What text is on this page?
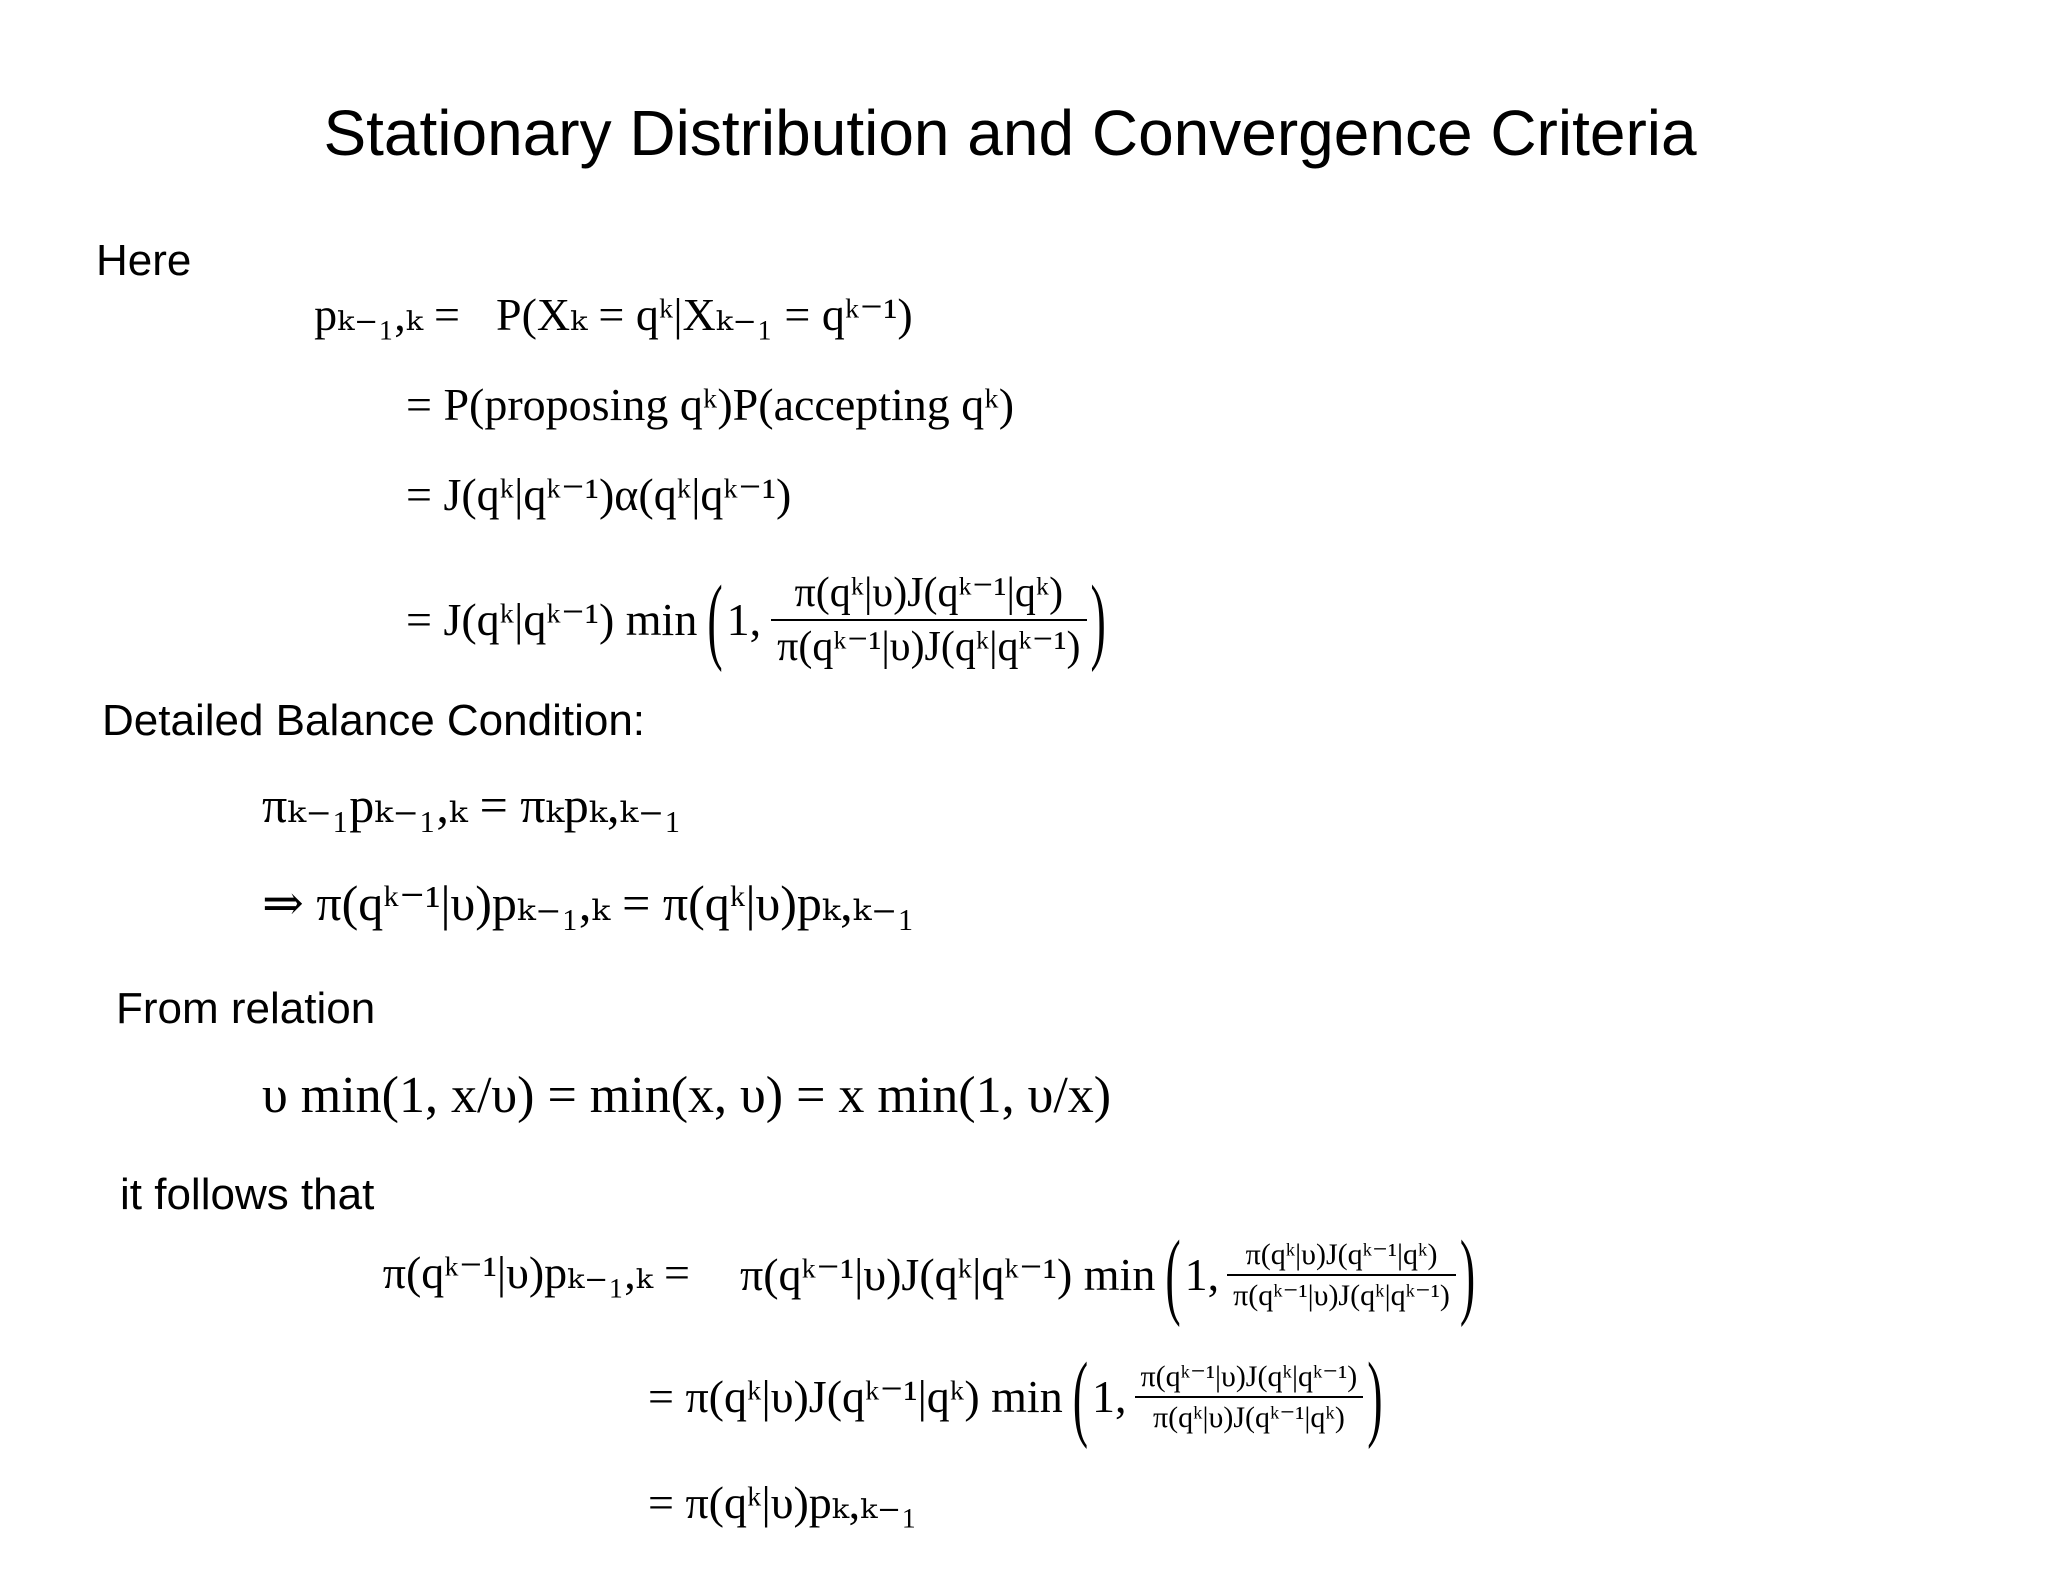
Stationary Distribution and Convergence Criteria
Here
pₖ₋₁,ₖ = P(Xₖ = qᵏ|Xₖ₋₁ = qᵏ⁻¹)
= P(proposing qᵏ)P(accepting qᵏ)
= J(qᵏ|qᵏ⁻¹)α(qᵏ|qᵏ⁻¹)
= J(qᵏ|qᵏ⁻¹) min ( 1, $\frac{\text{π(qᵏ|υ)J(qᵏ⁻¹|qᵏ)}}{\text{π(qᵏ⁻¹|υ)J(qᵏ|qᵏ⁻¹)}}$ )
Detailed Balance Condition:
πₖ₋₁pₖ₋₁,ₖ = πₖpₖ,ₖ₋₁
⇒ π(qᵏ⁻¹|υ)pₖ₋₁,ₖ = π(qᵏ|υ)pₖ,ₖ₋₁
From relation
υ min(1, x/υ) = min(x, υ) = x min(1, υ/x)
it follows that
π(qᵏ⁻¹|υ)pₖ₋₁,ₖ = π(qᵏ⁻¹|υ)J(qᵏ|qᵏ⁻¹) min ( 1, $\frac{\text{π(qᵏ|υ)J(qᵏ⁻¹|qᵏ)}}{\text{π(qᵏ⁻¹|υ)J(qᵏ|qᵏ⁻¹)}}$ )
= π(qᵏ|υ)J(qᵏ⁻¹|qᵏ) min ( 1, $\frac{\text{π(qᵏ⁻¹|υ)J(qᵏ|qᵏ⁻¹)}}{\text{π(qᵏ|υ)J(qᵏ⁻¹|qᵏ)}}$ )
= π(qᵏ|υ)pₖ,ₖ₋₁
